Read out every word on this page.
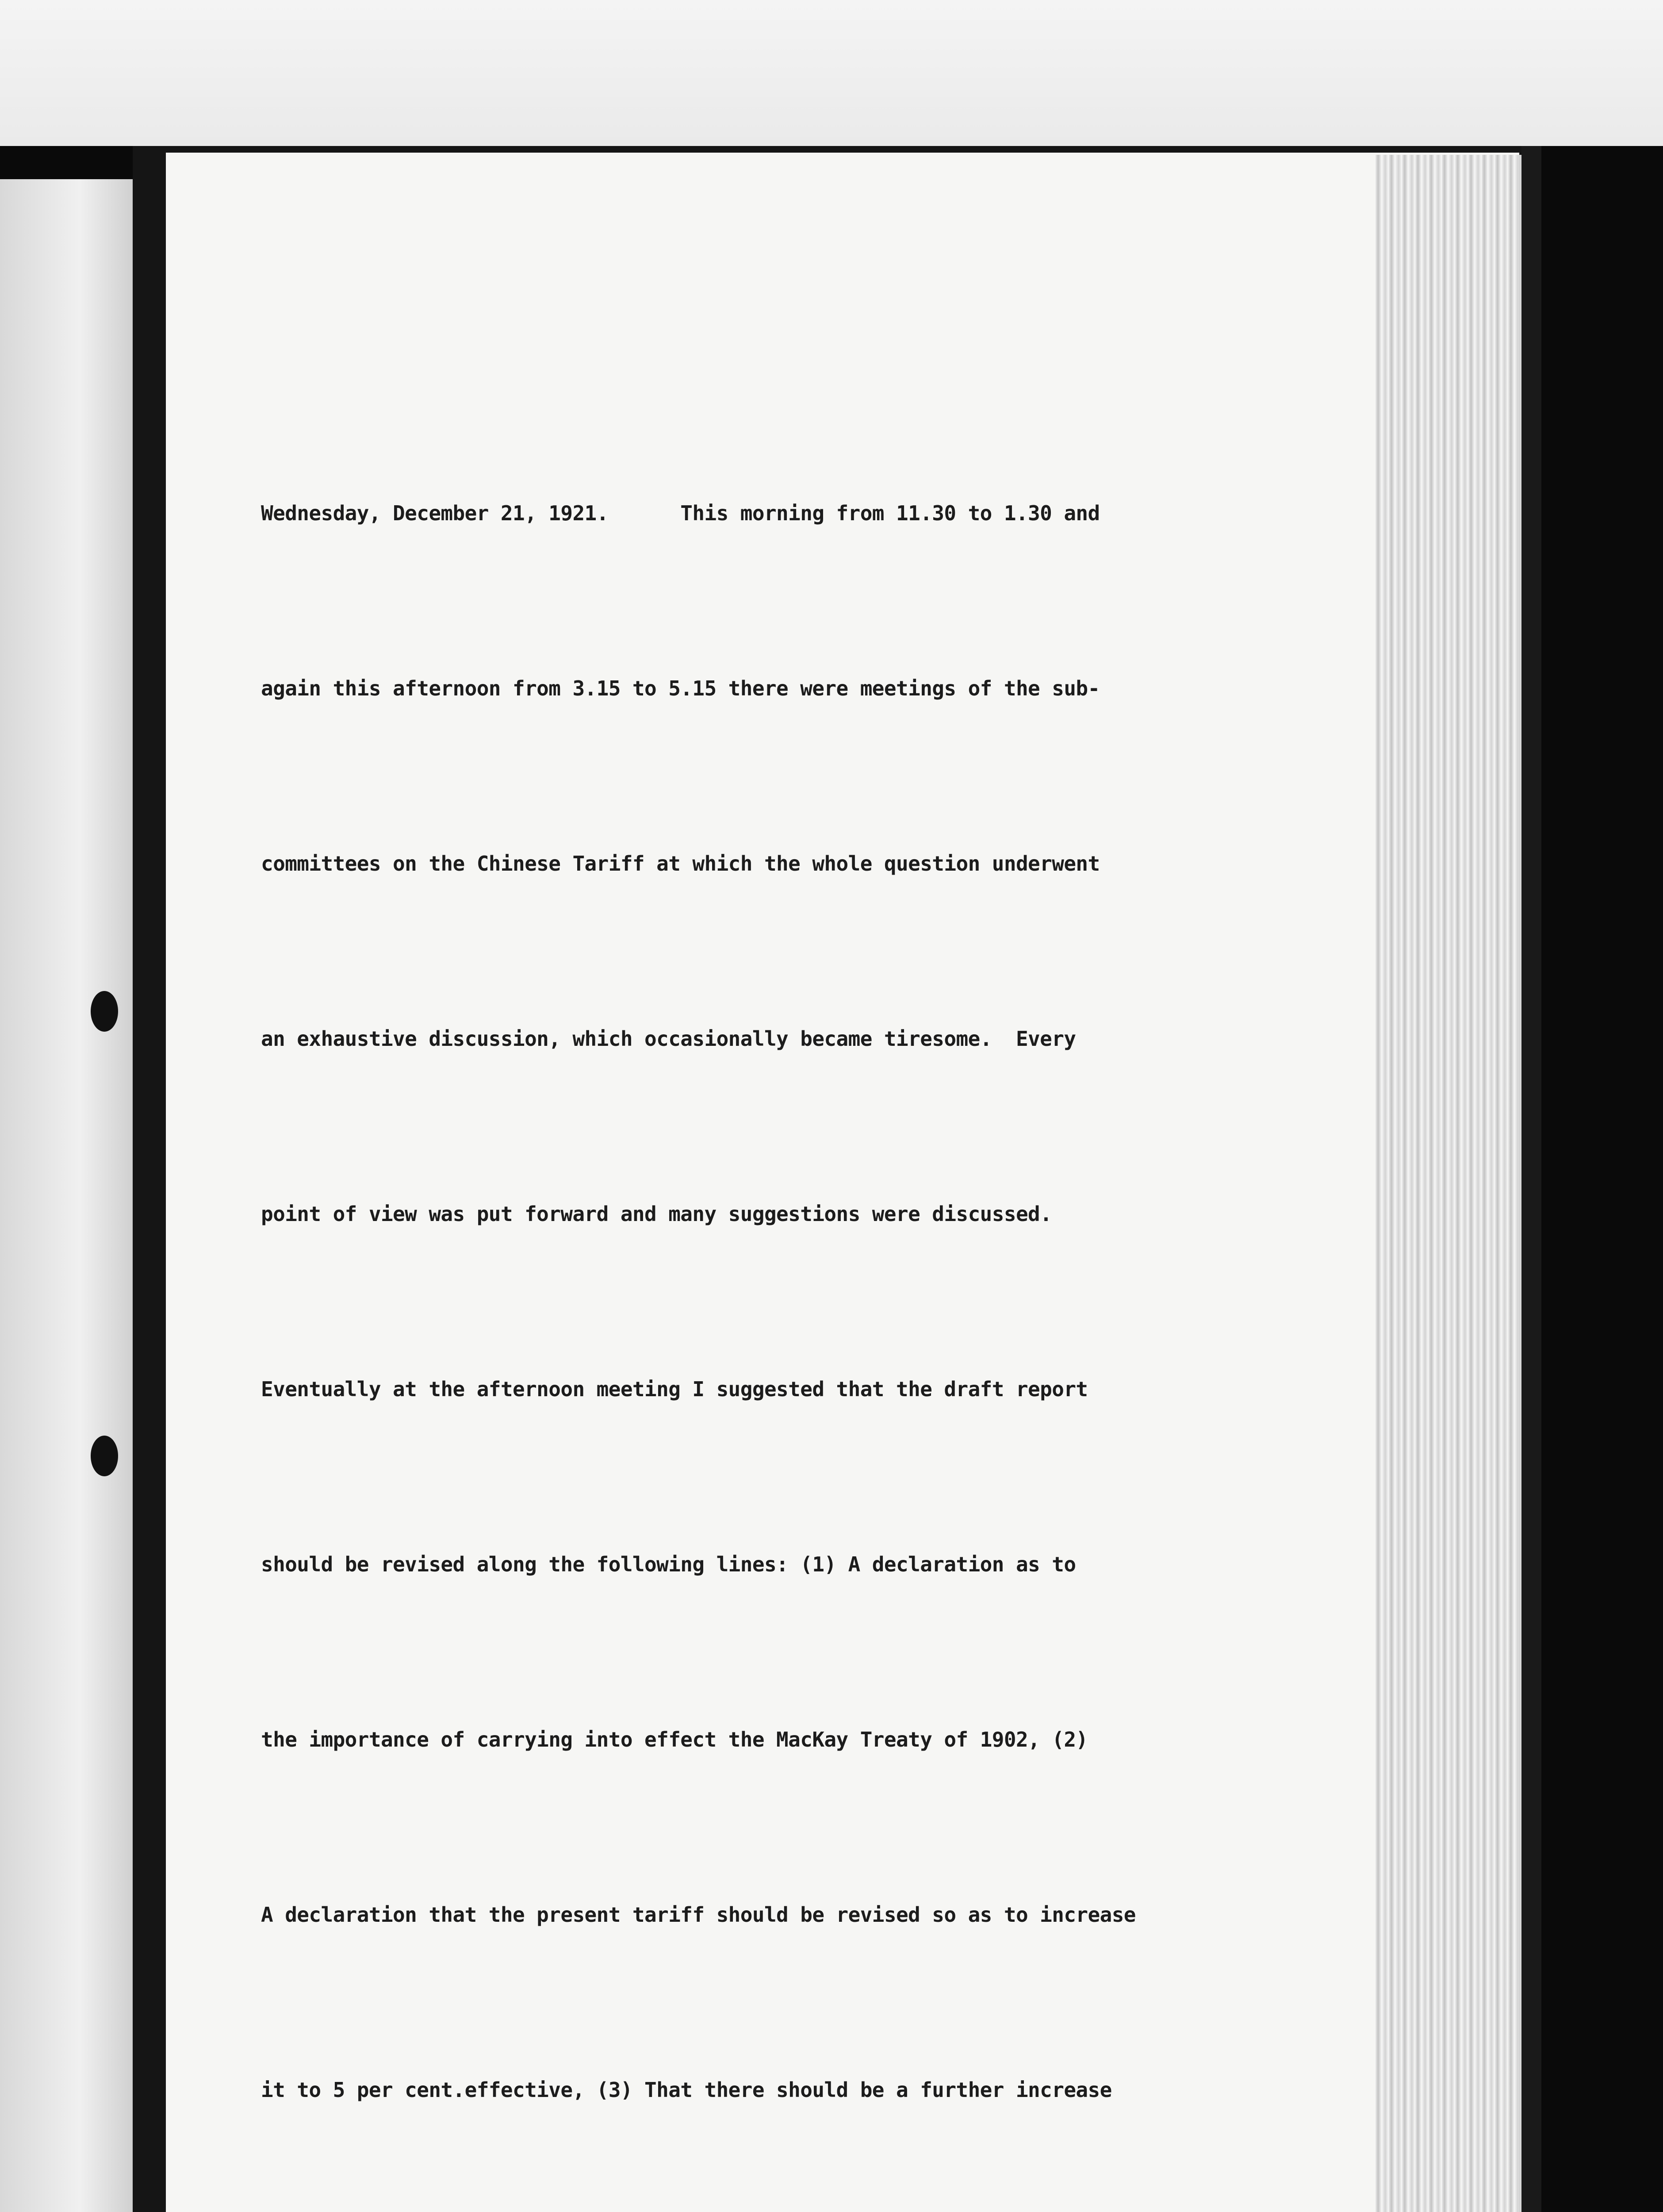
Wednesday, December 21, 1921.      This morning from 11.30 to 1.30 and

again this afternoon from 3.15 to 5.15 there were meetings of the sub-

committees on the Chinese Tariff at which the whole question underwent

an exhaustive discussion, which occasionally became tiresome.  Every

point of view was put forward and many suggestions were discussed.

Eventually at the afternoon meeting I suggested that the draft report

should be revised along the following lines: (1) A declaration as to

the importance of carrying into effect the MacKay Treaty of 1902, (2)

A declaration that the present tariff should be revised so as to increase

it to 5 per cent.effective, (3) That there should be a further increase
